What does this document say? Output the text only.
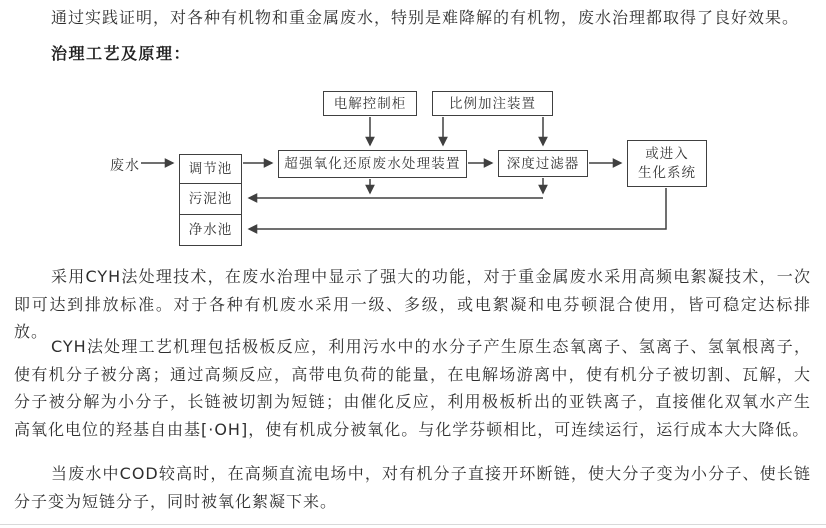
通过实践证明，对各种有机物和重金属废水，特别是难降解的有机物，废水治理都取得了良好效果。

治理工艺及原理：
废水
电解控制柜	比例加注装置
超强氧化还原废水处理装置	深度过滤器
或进入
生化系统
调节池
污泥池
净水池

采用CYH法处理技术，在废水治理中显示了强大的功能，对于重金属废水采用高频电絮凝技术，一次即可达到排放标准。对于各种有机废水采用一级、多级，或电絮凝和电芬顿混合使用，皆可稳定达标排放。

CYH法处理工艺机理包括极板反应，利用污水中的水分子产生原生态氧离子、氢离子、氢氧根离子，使有机分子被分离；通过高频反应，高带电负荷的能量，在电解场游离中，使有机分子被切割、瓦解，大分子被分解为小分子，长链被切割为短链；由催化反应，利用极板析出的亚铁离子，直接催化双氧水产生高氧化电位的羟基自由基[·OH]，使有机成分被氧化。与化学芬顿相比，可连续运行，运行成本大大降低。

当废水中COD较高时，在高频直流电场中，对有机分子直接开环断链，使大分子变为小分子、使长链分子变为短链分子，同时被氧化絮凝下来。
